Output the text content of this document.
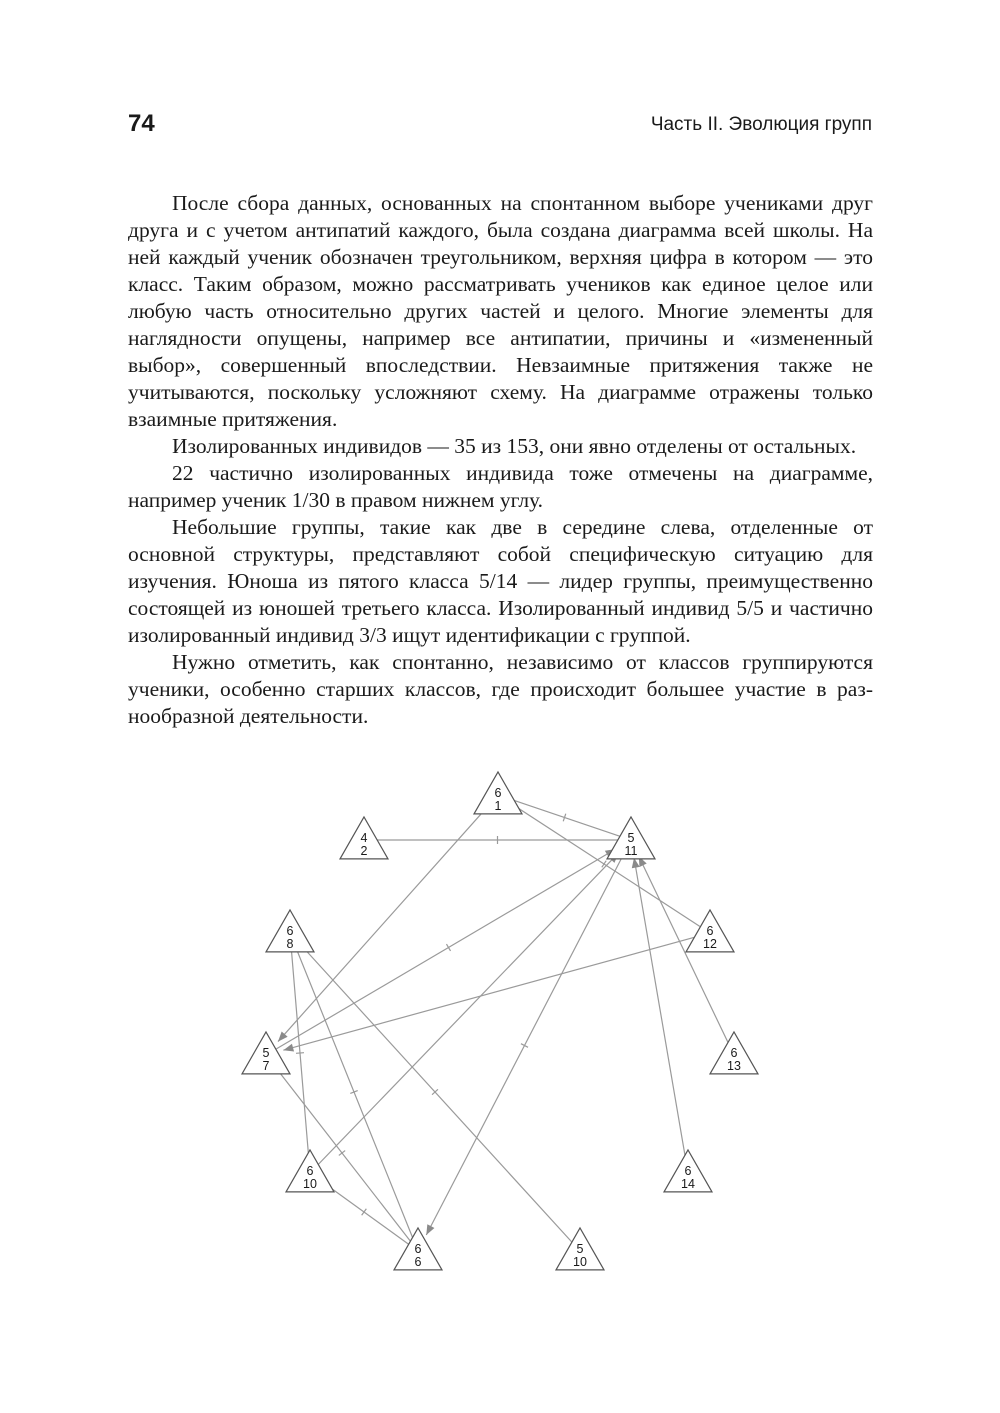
74	Часть II. Эволюция групп

После сбора данных, основанных на спонтанном выборе учениками друг друга и с учетом антипатий каждого, была создана диаграмма всей школы. На ней каждый ученик обозначен треугольником, верхняя цифра в котором — это класс. Таким образом, можно рассматривать учеников как единое целое или любую часть относительно других частей и целого. Многие элементы для наглядности опущены, например все антипатии, причины и «измененный выбор», совершенный впоследствии. Невзаимные притяжения также не учитываются, поскольку усложняют схему. На диаграмме отражены только взаимные притяжения.

Изолированных индивидов — 35 из 153, они явно отделены от остальных.

22 частично изолированных индивида тоже отмечены на диаграмме, например ученик 1/30 в правом нижнем углу.

Небольшие группы, такие как две в середине слева, отделенные от основной структуры, представляют собой специфическую ситуацию для изучения. Юноша из пятого класса 5/14 — лидер группы, преимущественно состоящей из юношей третьего класса. Изолированный индивид 5/5 и частично изолированный индивид 3/3 ищут идентификации с группой.

Нужно отметить, как спонтанно, независимо от классов группируются ученики, особенно старших классов, где происходит большее участие в разнообразной деятельности.

6
1
4
2
5
11
6
8
6
12
5
7
6
13
6
10
6
14
6
6
5
10
